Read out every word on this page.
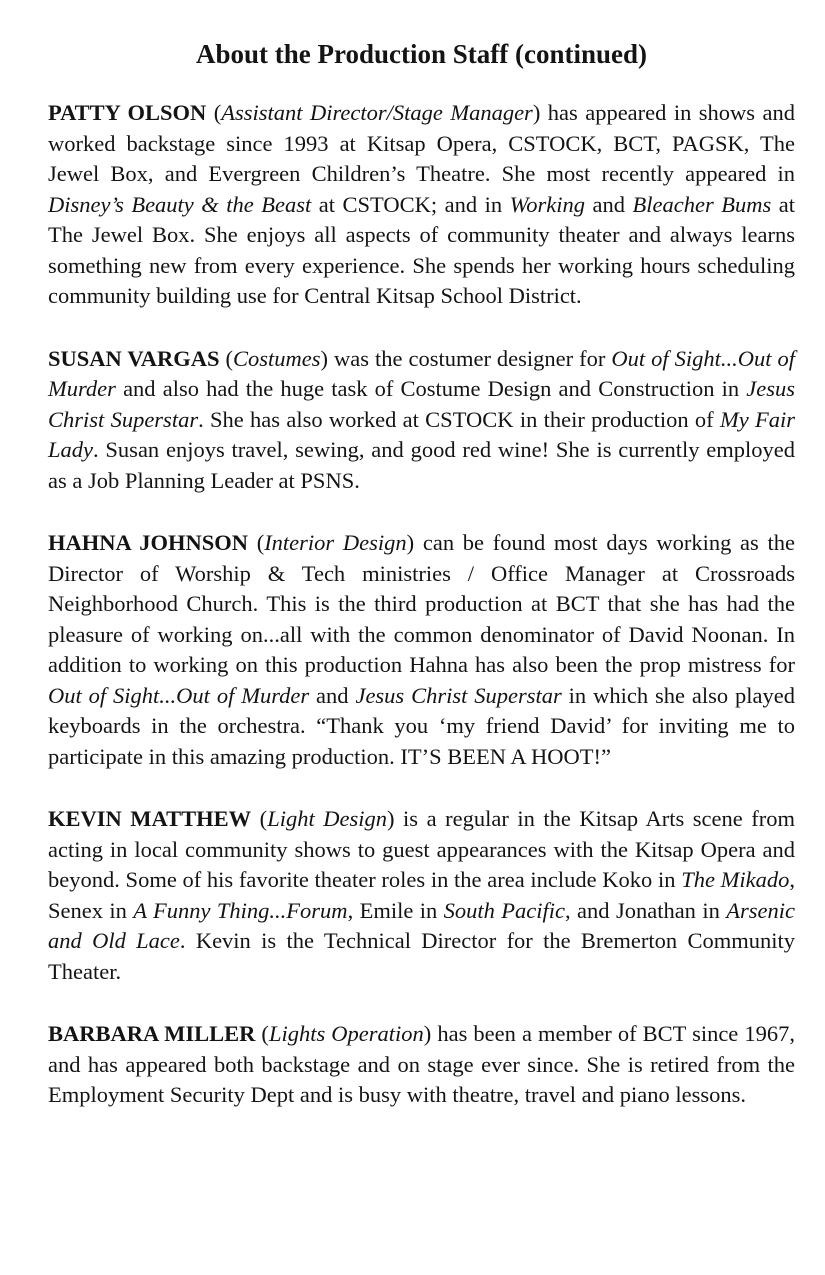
About the Production Staff (continued)

PATTY OLSON (Assistant Director/Stage Manager) has appeared in shows and worked backstage since 1993 at Kitsap Opera, CSTOCK, BCT, PAGSK, The Jewel Box, and Evergreen Children’s Theatre. She most recently appeared in Disney’s Beauty & the Beast at CSTOCK; and in Working and Bleacher Bums at The Jewel Box. She enjoys all aspects of community theater and always learns something new from every experience. She spends her working hours scheduling community building use for Central Kitsap School District.

SUSAN VARGAS (Costumes) was the costumer designer for Out of Sight...Out of Murder and also had the huge task of Costume Design and Construction in Jesus Christ Superstar. She has also worked at CSTOCK in their production of My Fair Lady. Susan enjoys travel, sewing, and good red wine! She is currently employed as a Job Planning Leader at PSNS.

HAHNA JOHNSON (Interior Design) can be found most days working as the Director of Worship & Tech ministries / Office Manager at Crossroads Neighborhood Church. This is the third production at BCT that she has had the pleasure of working on...all with the common denominator of David Noonan. In addition to working on this production Hahna has also been the prop mistress for Out of Sight...Out of Murder and Jesus Christ Superstar in which she also played keyboards in the orchestra. “Thank you ‘my friend David’ for inviting me to participate in this amazing production. IT’S BEEN A HOOT!”

KEVIN MATTHEW (Light Design) is a regular in the Kitsap Arts scene from acting in local community shows to guest appearances with the Kitsap Opera and beyond. Some of his favorite theater roles in the area include Koko in The Mikado, Senex in A Funny Thing...Forum, Emile in South Pacific, and Jonathan in Arsenic and Old Lace. Kevin is the Technical Director for the Bremerton Community Theater.

BARBARA MILLER (Lights Operation) has been a member of BCT since 1967, and has appeared both backstage and on stage ever since. She is retired from the Employment Security Dept and is busy with theatre, travel and piano lessons.
